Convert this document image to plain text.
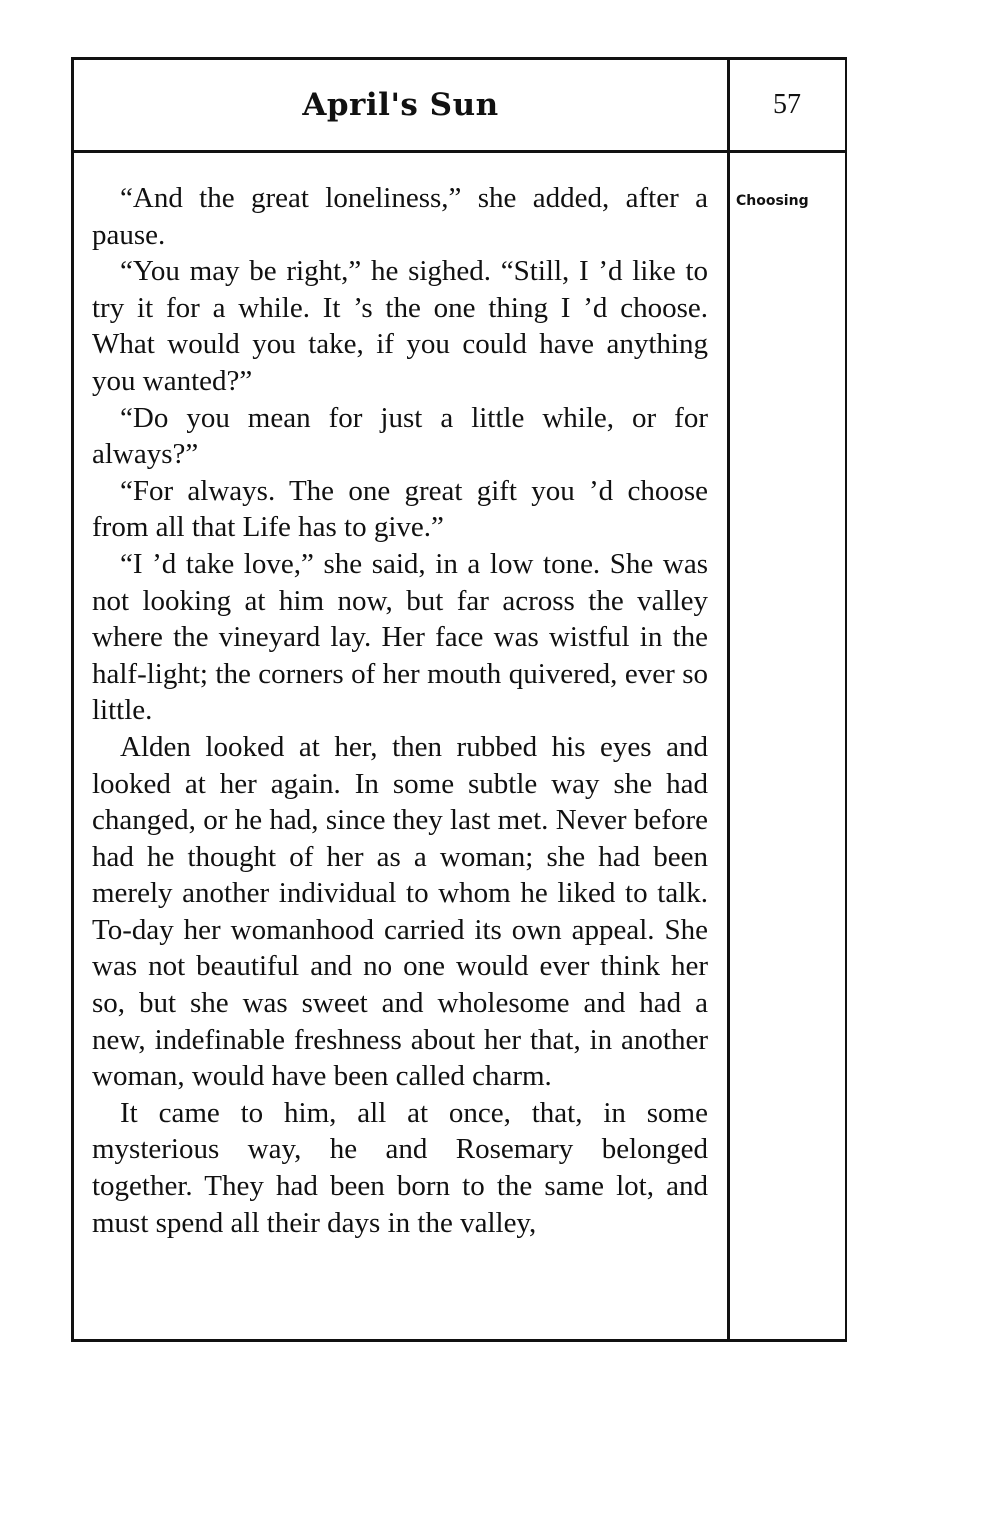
April's Sun	57
Choosing

“And the great loneliness,” she added, after a pause.

“You may be right,” he sighed. “Still, I ’d like to try it for a while. It ’s the one thing I ’d choose. What would you take, if you could have anything you wanted?”

“Do you mean for just a little while, or for always?”

“For always. The one great gift you ’d choose from all that Life has to give.”

“I ’d take love,” she said, in a low tone. She was not looking at him now, but far across the valley where the vineyard lay. Her face was wistful in the half-light; the corners of her mouth quivered, ever so little.

Alden looked at her, then rubbed his eyes and looked at her again. In some subtle way she had changed, or he had, since they last met. Never before had he thought of her as a woman; she had been merely another individual to whom he liked to talk. To-day her womanhood carried its own appeal. She was not beautiful and no one would ever think her so, but she was sweet and wholesome and had a new, indefinable freshness about her that, in another woman, would have been called charm.

It came to him, all at once, that, in some mysterious way, he and Rosemary belonged together. They had been born to the same lot, and must spend all their days in the valley,
